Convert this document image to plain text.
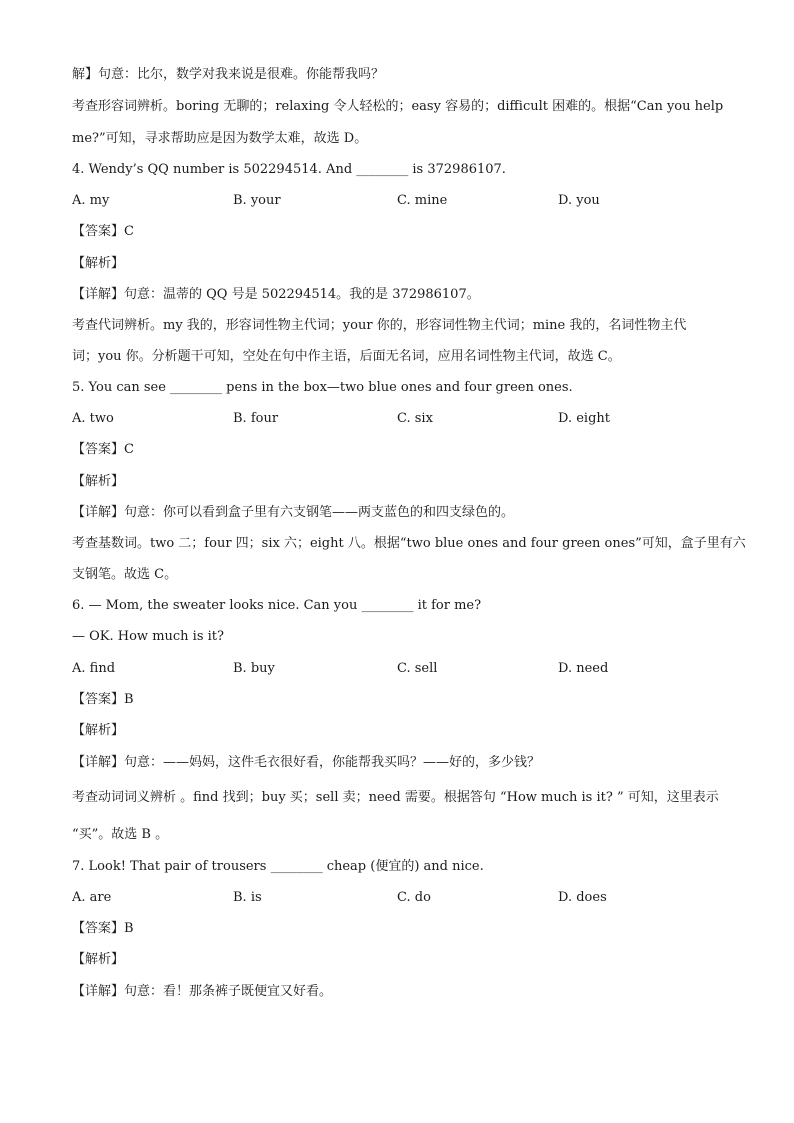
解】句意：比尔，数学对我来说是很难。你能帮我吗？
考查形容词辨析。boring 无聊的；relaxing 令人轻松的；easy 容易的；difficult 困难的。根据“Can you help
me?”可知，寻求帮助应是因为数学太难，故选 D。
4. Wendy’s QQ number is 502294514. And ________ is 372986107.
A. my	B. your	C. mine	D. you
【答案】C
【解析】
【详解】句意：温蒂的 QQ 号是 502294514。我的是 372986107。
考查代词辨析。my 我的，形容词性物主代词；your 你的，形容词性物主代词；mine 我的，名词性物主代
词；you 你。分析题干可知，空处在句中作主语，后面无名词，应用名词性物主代词，故选 C。
5. You can see ________ pens in the box—two blue ones and four green ones.
A. two	B. four	C. six	D. eight
【答案】C
【解析】
【详解】句意：你可以看到盒子里有六支钢笔——两支蓝色的和四支绿色的。
考查基数词。two 二；four 四；six 六；eight 八。根据“two blue ones and four green ones”可知，盒子里有六
支钢笔。故选 C。
6. — Mom, the sweater looks nice. Can you ________ it for me?
— OK. How much is it?
A. find	B. buy	C. sell	D. need
【答案】B
【解析】
【详解】句意：——妈妈，这件毛衣很好看，你能帮我买吗？——好的，多少钱？
考查动词词义辨析 。find 找到；buy 买；sell 卖；need 需要。根据答句 “How much is it? ” 可知，这里表示
“买”。故选 B 。
7. Look! That pair of trousers ________ cheap (便宜的) and nice.
A. are	B. is	C. do	D. does
【答案】B
【解析】
【详解】句意：看！那条裤子既便宜又好看。
